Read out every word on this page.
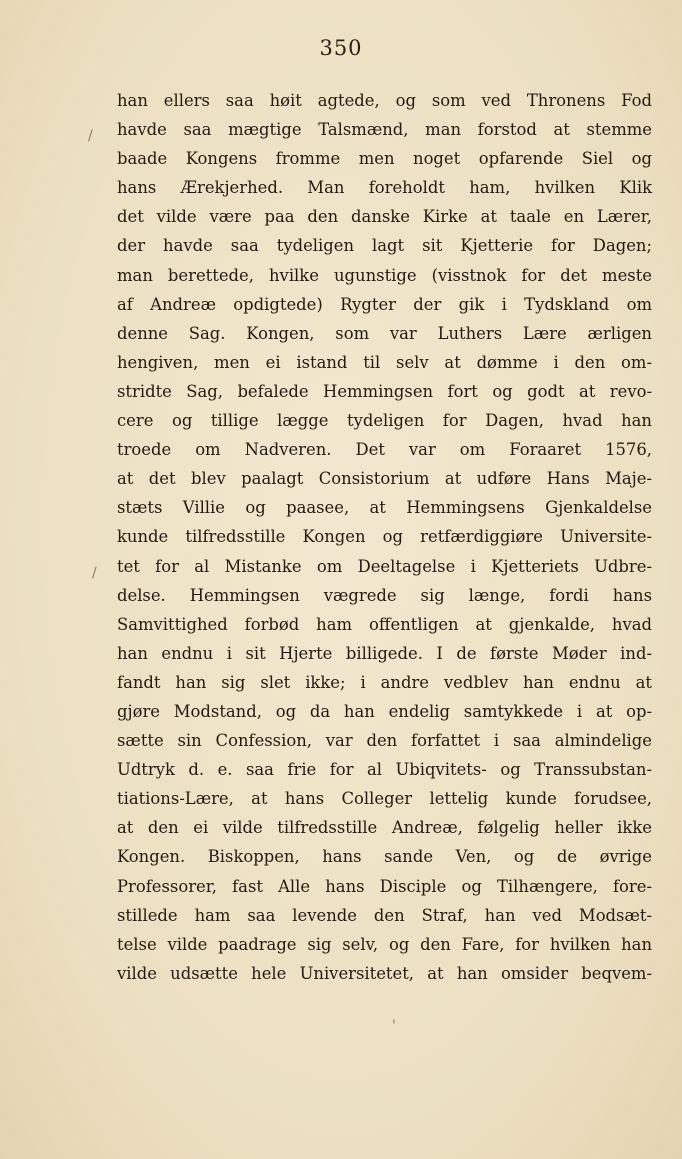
350
han ellers saa høit agtede, og som ved Thronens Fod
havde saa mægtige Talsmænd, man forstod at stemme
baade Kongens fromme men noget opfarende Siel og
hans Ærekjerhed. Man foreholdt ham, hvilken Klik
det vilde være paa den danske Kirke at taale en Lærer,
der havde saa tydeligen lagt sit Kjetterie for Dagen;
man berettede, hvilke ugunstige (visstnok for det meste
af Andreæ opdigtede) Rygter der gik i Tydskland om
denne Sag. Kongen, som var Luthers Lære ærligen
hengiven, men ei istand til selv at dømme i den om-
stridte Sag, befalede Hemmingsen fort og godt at revo-
cere og tillige lægge tydeligen for Dagen, hvad han
troede om Nadveren. Det var om Foraaret 1576,
at det blev paalagt Consistorium at udføre Hans Maje-
stæts Villie og paasee, at Hemmingsens Gjenkaldelse
kunde tilfredsstille Kongen og retfærdiggiøre Universite-
tet for al Mistanke om Deeltagelse i Kjetteriets Udbre-
delse. Hemmingsen vægrede sig længe, fordi hans
Samvittighed forbød ham offentligen at gjenkalde, hvad
han endnu i sit Hjerte billigede. I de første Møder ind-
fandt han sig slet ikke; i andre vedblev han endnu at
gjøre Modstand, og da han endelig samtykkede i at op-
sætte sin Confession, var den forfattet i saa almindelige
Udtryk d. e. saa frie for al Ubiqvitets- og Transsubstan-
tiations-Lære, at hans Colleger lettelig kunde forudsee,
at den ei vilde tilfredsstille Andreæ, følgelig heller ikke
Kongen. Biskoppen, hans sande Ven, og de øvrige
Professorer, fast Alle hans Disciple og Tilhængere, fore-
stillede ham saa levende den Straf, han ved Modsæt-
telse vilde paadrage sig selv, og den Fare, for hvilken han
vilde udsætte hele Universitetet, at han omsider beqvem-
/
/
'
